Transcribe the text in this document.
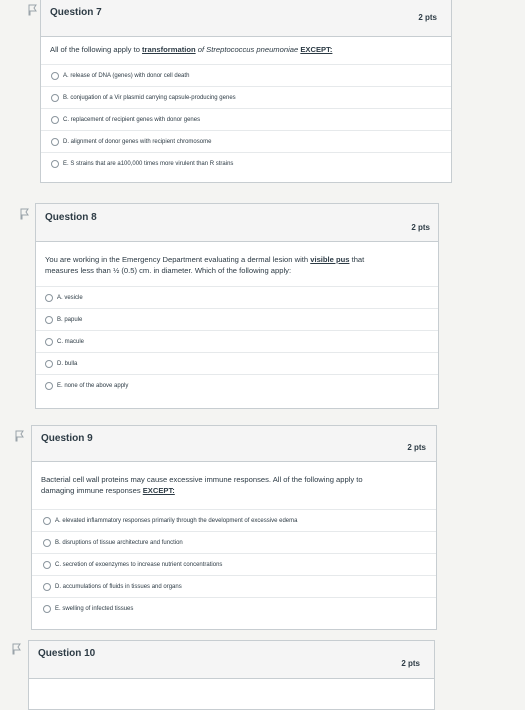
Question 7	2 pts
All of the following apply to transformation of Streptococcus pneumoniae EXCEPT:
A. release of DNA (genes) with donor cell death
B. conjugation of a Vir plasmid carrying capsule-producing genes
C. replacement of recipient genes with donor genes
D. alignment of donor genes with recipient chromosome
E. S strains that are a100,000 times more virulent than R strains
Question 8
2 pts
You are working in the Emergency Department evaluating a dermal lesion with visible pus that
measures less than ½ (0.5) cm. in diameter. Which of the following apply:
A. vesicle
B. papule
C. macule
D. bulla
E. none of the above apply
Question 9
2 pts
Bacterial cell wall proteins may cause excessive immune responses. All of the following apply to
damaging immune responses EXCEPT:
A. elevated inflammatory responses primarily through the development of excessive edema
B. disruptions of tissue architecture and function
C. secretion of exoenzymes to increase nutrient concentrations
D. accumulations of fluids in tissues and organs
E. swelling of infected tissues
Question 10
2 pts
